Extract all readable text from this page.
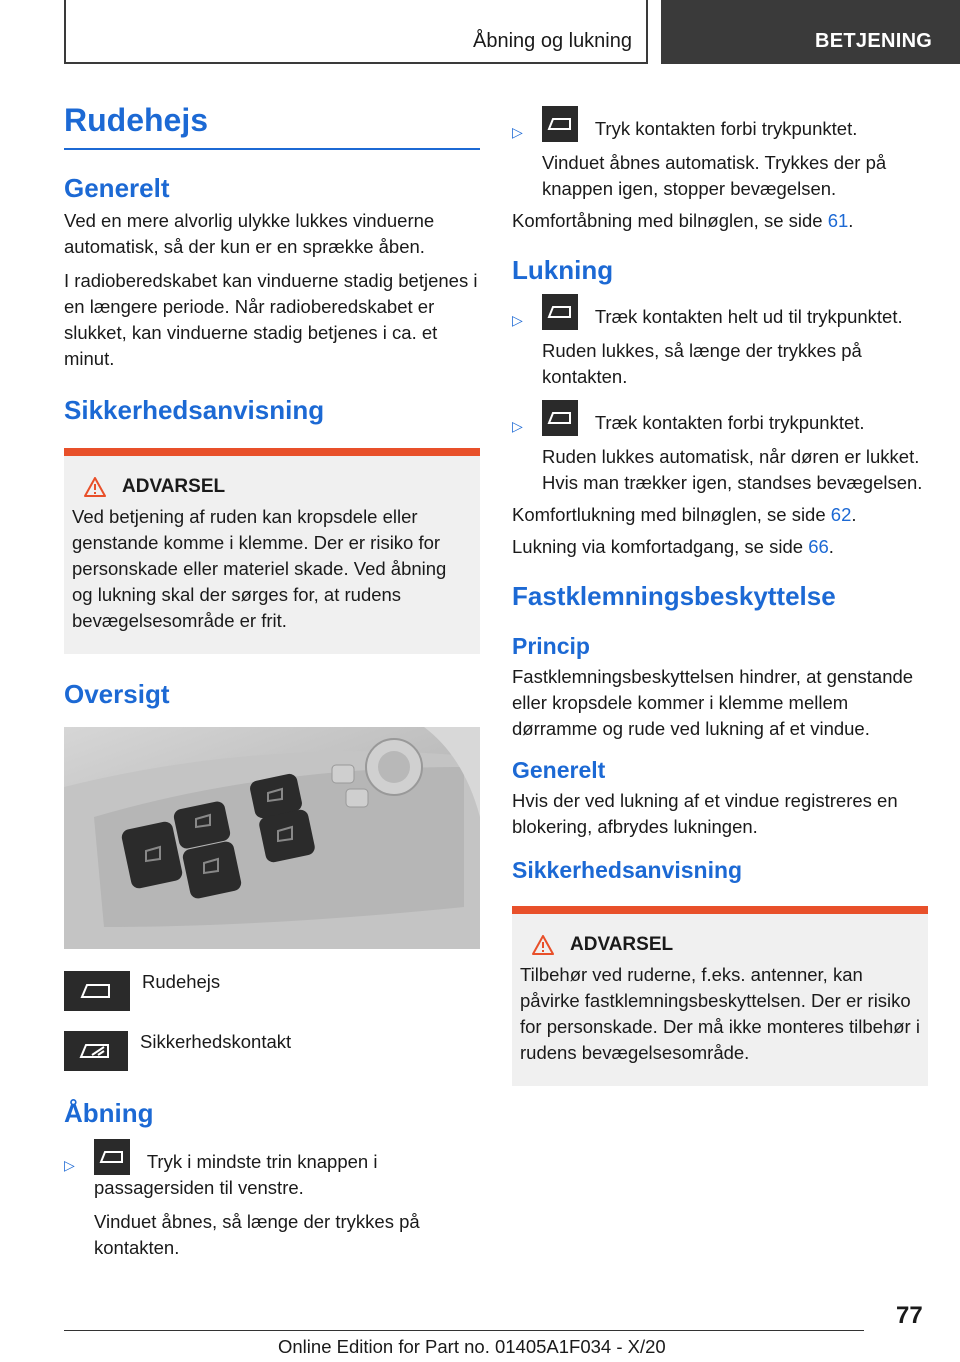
Åbning og lukning	BETJENING
Rudehejs
Generelt

Ved en mere alvorlig ulykke lukkes vinduerne automatisk, så der kun er en sprække åben.

I radioberedskabet kan vinduerne stadig betjenes i en længere periode. Når radioberedskabet er slukket, kan vinduerne stadig betjenes i ca. et minut.

Sikkerhedsanvisning
ADVARSEL

Ved betjening af ruden kan kropsdele eller genstande komme i klemme. Der er risiko for personskade eller materiel skade. Ved åbning og lukning skal der sørges for, at rudens bevægelsesområde er frit.

Oversigt
Rudehejs
Sikkerhedskontakt
Åbning
▷	Tryk i mindste trin knappen i passagersiden til venstre.

Vinduet åbnes, så længe der trykkes på kontakten.

▷	Tryk kontakten forbi trykpunktet.

Vinduet åbnes automatisk. Trykkes der på knappen igen, stopper bevægelsen.

Komfortåbning med bilnøglen, se side 61.

Lukning
▷	Træk kontakten helt ud til trykpunktet.

Ruden lukkes, så længe der trykkes på kontakten.

▷	Træk kontakten forbi trykpunktet.

Ruden lukkes automatisk, når døren er lukket. Hvis man trækker igen, standses bevægelsen.

Komfortlukning med bilnøglen, se side 62.

Lukning via komfortadgang, se side 66.

Fastklemningsbeskyttelse
Princip

Fastklemningsbeskyttelsen hindrer, at genstande eller kropsdele kommer i klemme mellem dørramme og rude ved lukning af et vindue.

Generelt

Hvis der ved lukning af et vindue registreres en blokering, afbrydes lukningen.

Sikkerhedsanvisning
ADVARSEL

Tilbehør ved ruderne, f.eks. antenner, kan påvirke fastklemningsbeskyttelsen. Der er risiko for personskade. Der må ikke monteres tilbehør i rudens bevægelsesområde.

77
Online Edition for Part no. 01405A1F034 - X/20
